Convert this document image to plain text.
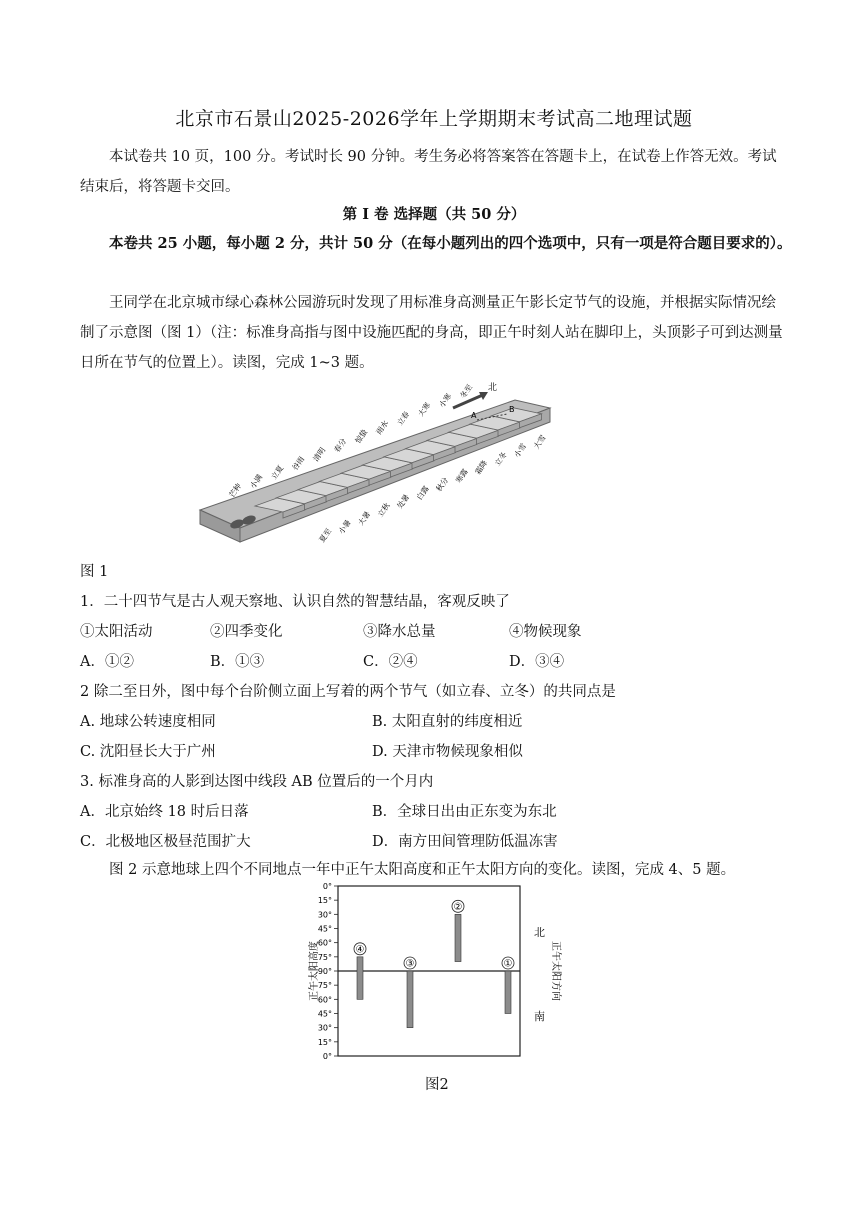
北京市石景山2025-2026学年上学期期末考试高二地理试题
本试卷共 10 页，100 分。考试时长 90 分钟。考生务必将答案答在答题卡上，在试卷上作答无效。考试结束后，将答题卡交回。
第 I 卷 选择题（共 50 分）
本卷共 25 小题，每小题 2 分，共计 50 分（在每小题列出的四个选项中，只有一项是符合题目要求的）。
王同学在北京城市绿心森林公园游玩时发现了用标准身高测量正午影长定节气的设施，并根据实际情况绘制了示意图（图 1）（注：标准身高指与图中设施匹配的身高，即正午时刻人站在脚印上，头顶影子可到达测量日所在节气的位置上）。读图，完成 1~3 题。
北
A
B
芒种
小满
立夏
谷雨
清明
春分
惊蛰
雨水
立春
大寒
小寒
冬至
夏至 小暑 大暑 立秋 处暑 白露 秋分 寒露 霜降 立冬 小雪 大雪
图 1
1．二十四节气是古人观天察地、认识自然的智慧结晶，客观反映了
①太阳活动	②四季变化	③降水总量	④物候现象
A．①②	B．①③	C．②④	D．③④
2 除二至日外，图中每个台阶侧立面上写着的两个节气（如立春、立冬）的共同点是
A. 地球公转速度相同	B. 太阳直射的纬度相近
C. 沈阳昼长大于广州	D. 天津市物候现象相似
3. 标准身高的人影到达图中线段 AB 位置后的一个月内
A．北京始终 18 时后日落	B．全球日出由正东变为东北
C．北极地区极昼范围扩大	D．南方田间管理防低温冻害
图 2 示意地球上四个不同地点一年中正午太阳高度和正午太阳方向的变化。读图，完成 4、5 题。
正午太阳高度	正午太阳方向
北
南
0°
15°
30°
45°
60°
75°
90°
75°
60°
45°
30°
15°
0°
④
③
②
①
图2
